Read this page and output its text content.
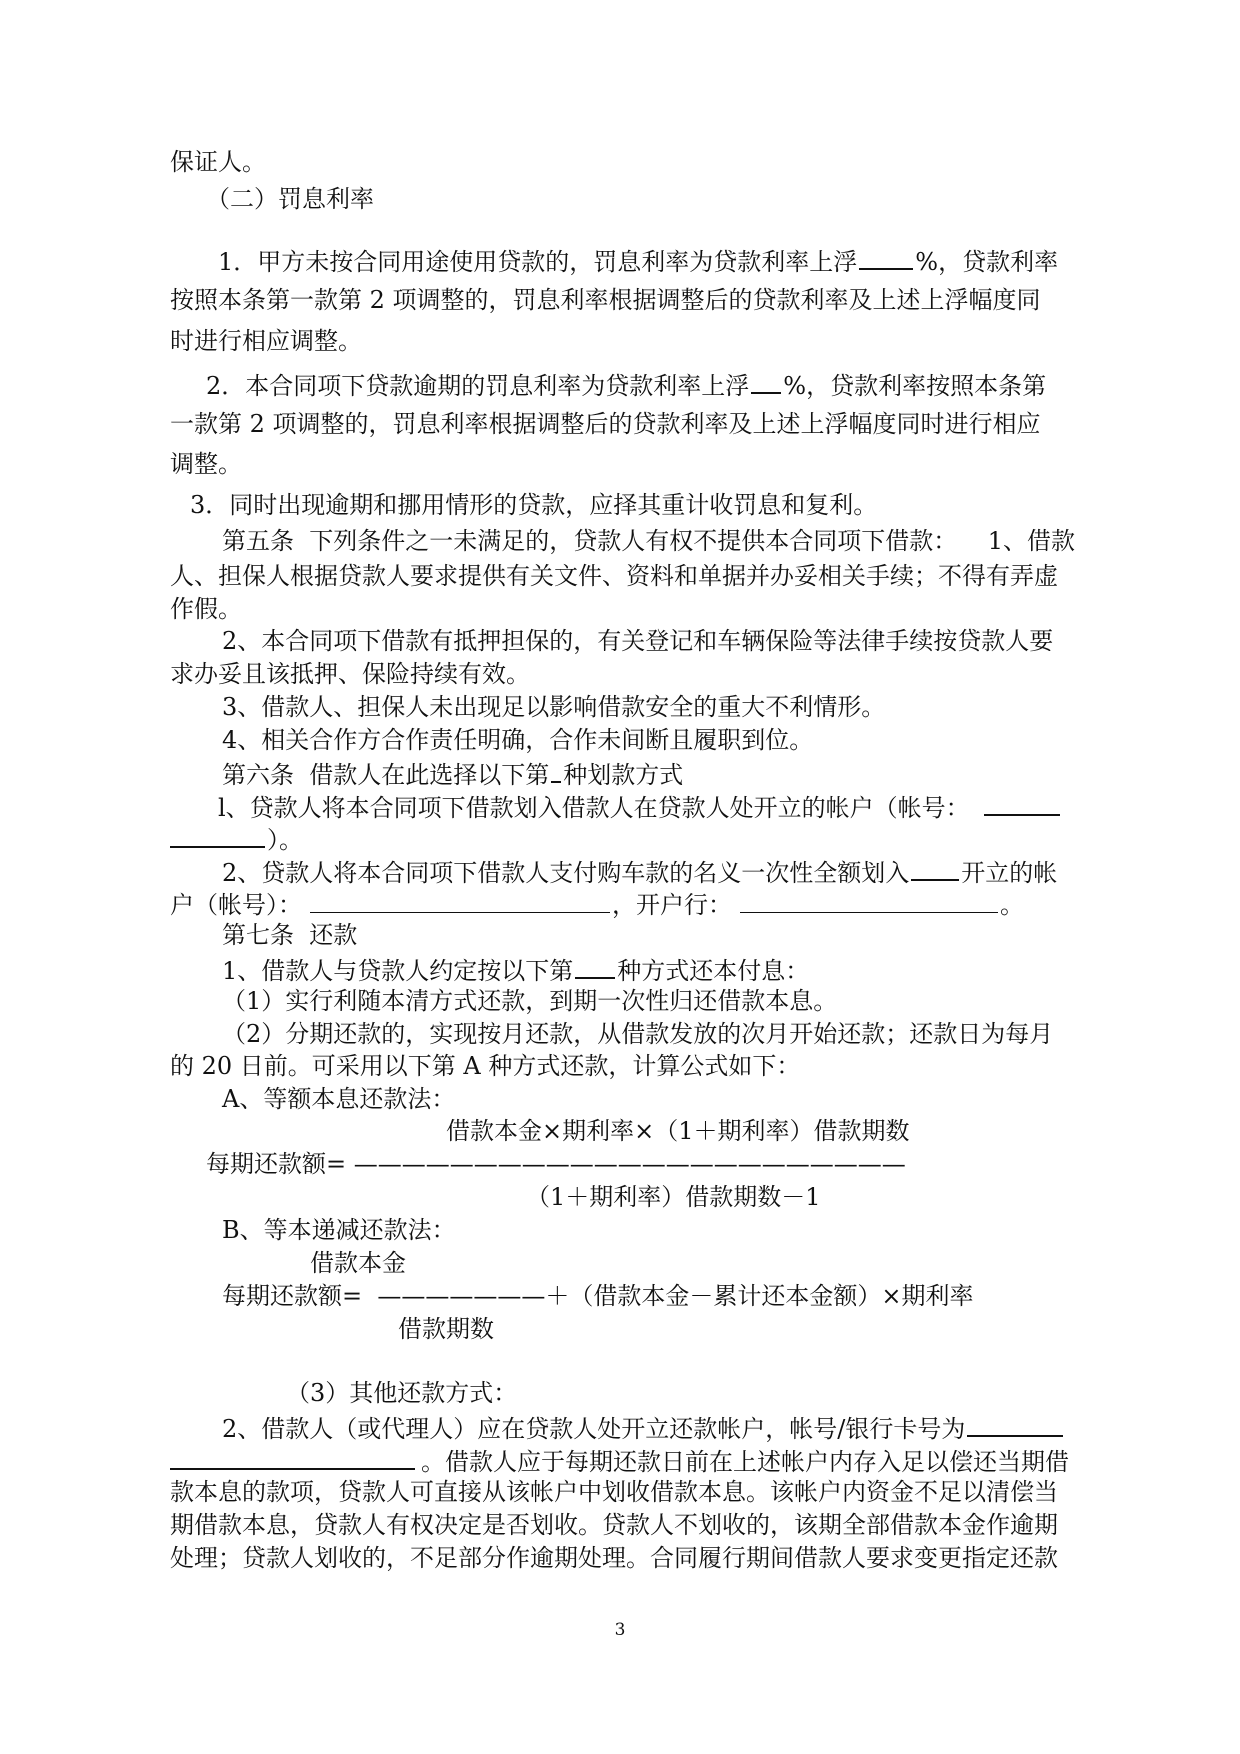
保证人。
（二）罚息利率
1．甲方未按合同用途使用贷款的，罚息利率为贷款利率上浮 %，贷款利率
按照本条第一款第 2 项调整的，罚息利率根据调整后的贷款利率及上述上浮幅度同
时进行相应调整。
2．本合同项下贷款逾期的罚息利率为贷款利率上浮 %，贷款利率按照本条第
一款第 2 项调整的，罚息利率根据调整后的贷款利率及上述上浮幅度同时进行相应
调整。
3．同时出现逾期和挪用情形的贷款，应择其重计收罚息和复利。
第五条  下列条件之一未满足的，贷款人有权不提供本合同项下借款：    1、借款
人、担保人根据贷款人要求提供有关文件、资料和单据并办妥相关手续；不得有弄虚
作假。
2、本合同项下借款有抵押担保的，有关登记和车辆保险等法律手续按贷款人要
求办妥且该抵押、保险持续有效。
3、借款人、担保人未出现足以影响借款安全的重大不利情形。
4、相关合作方合作责任明确，合作未间断且履职到位。
第六条  借款人在此选择以下第 种划款方式
l、贷款人将本合同项下借款划入借款人在贷款人处开立的帐户（帐号：
）。
2、贷款人将本合同项下借款人支付购车款的名义一次性全额划入 开立的帐
户（帐号）：	，开户行：	。
第七条  还款
1、借款人与贷款人约定按以下第 种方式还本付息：
（1）实行利随本清方式还款，到期一次性归还借款本息。
（2）分期还款的，实现按月还款，从借款发放的次月开始还款；还款日为每月
的 20 日前。可采用以下第 A 种方式还款，计算公式如下：
A、等额本息还款法：
借款本金×期利率×（1＋期利率）借款期数
每期还款额= ———————————————————————
（1＋期利率）借款期数－1
B、等本递减还款法：
借款本金
每期还款额=  ———————＋（借款本金－累计还本金额）×期利率
借款期数
（3）其他还款方式：
2、借款人（或代理人）应在贷款人处开立还款帐户，帐号/银行卡号为
。借款人应于每期还款日前在上述帐户内存入足以偿还当期借
款本息的款项，贷款人可直接从该帐户中划收借款本息。该帐户内资金不足以清偿当
期借款本息，贷款人有权决定是否划收。贷款人不划收的，该期全部借款本金作逾期
处理；贷款人划收的，不足部分作逾期处理。合同履行期间借款人要求变更指定还款
3
